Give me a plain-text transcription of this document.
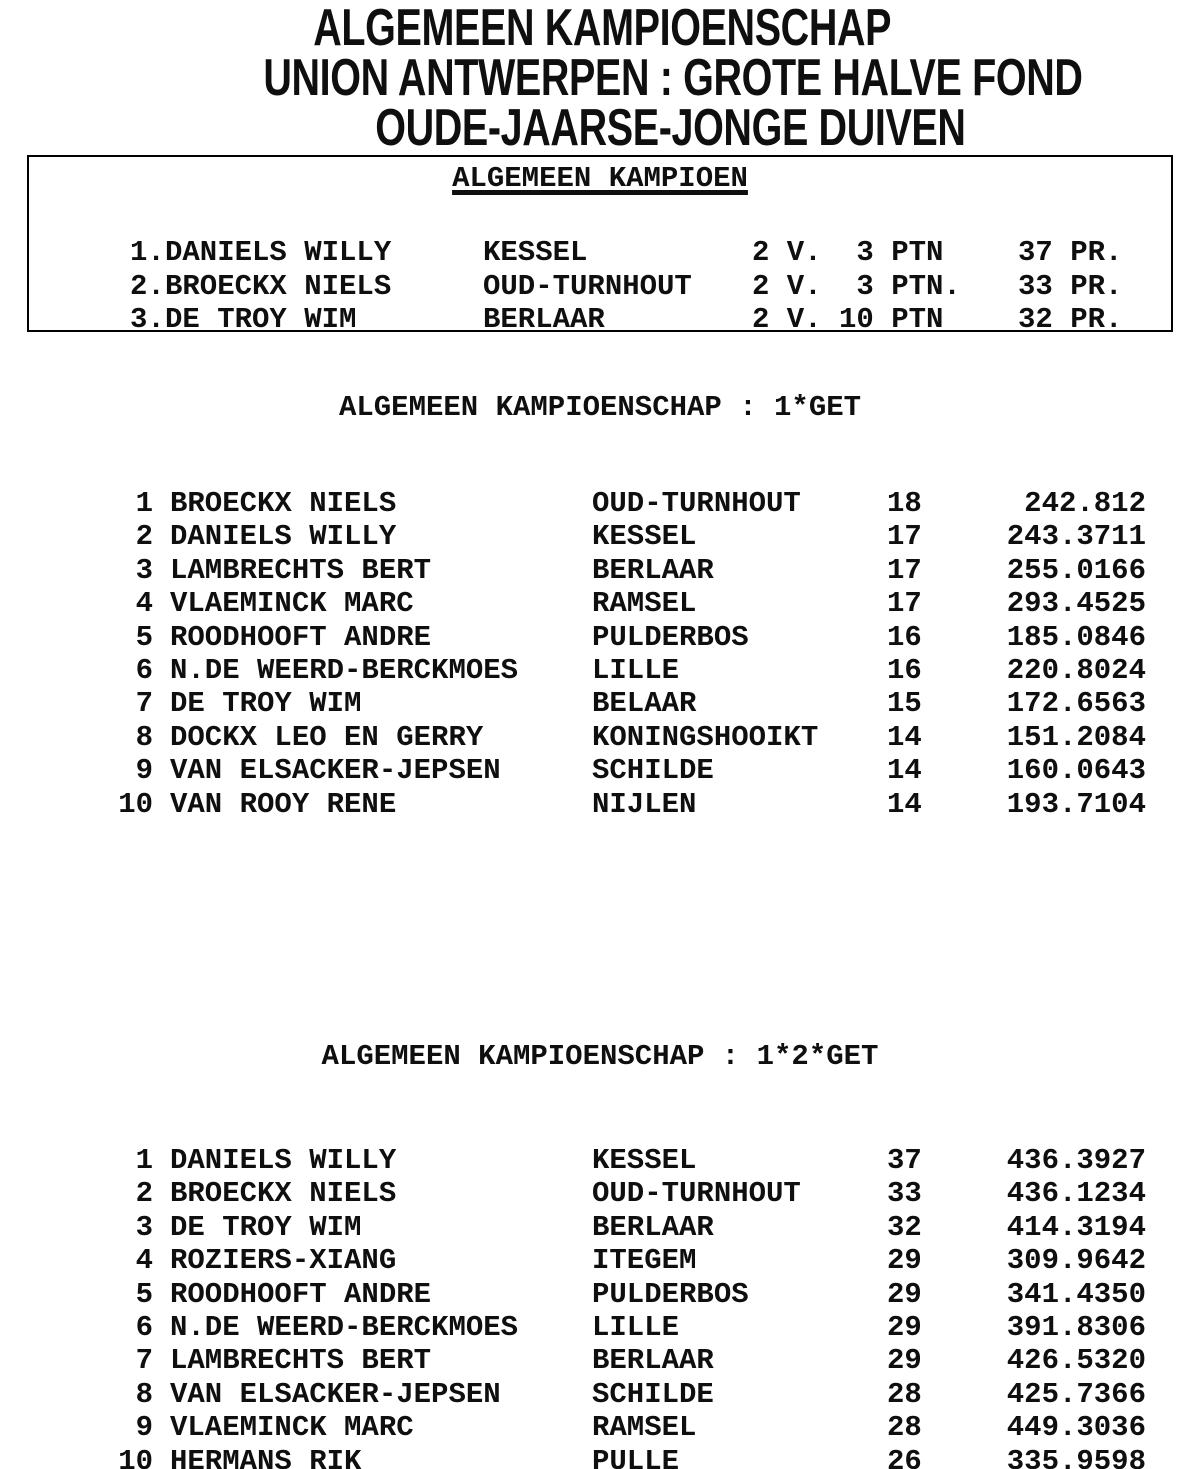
ALGEMEEN KAMPIOENSCHAP
UNION ANTWERPEN : GROTE HALVE FOND
OUDE-JAARSE-JONGE DUIVEN
ALGEMEEN KAMPIOEN
1. DANIELS WILLY	KESSEL	2 V.  3 PTN	37 PR.
2. BROECKX NIELS	OUD-TURNHOUT 2 V.  3 PTN. 33 PR.
3. DE TROY WIM	BERLAAR	2 V. 10 PTN	32 PR.
ALGEMEEN KAMPIOENSCHAP : 1*GET
1 BROECKX NIELS	OUD-TURNHOUT	18	242.812
2 DANIELS WILLY	KESSEL	17	243.3711
3 LAMBRECHTS BERT	BERLAAR	17	255.0166
4 VLAEMINCK MARC	RAMSEL	17	293.4525
5 ROODHOOFT ANDRE	PULDERBOS	16	185.0846
6 N.DE WEERD-BERCKMOES	LILLE	16	220.8024
7 DE TROY WIM	BELAAR	15	172.6563
8 DOCKX LEO EN GERRY	KONINGSHOOIKT 14	151.2084
9 VAN ELSACKER-JEPSEN	SCHILDE	14	160.0643
10 VAN ROOY RENE	NIJLEN	14	193.7104
ALGEMEEN KAMPIOENSCHAP : 1*2*GET
1 DANIELS WILLY	KESSEL	37	436.3927
2 BROECKX NIELS	OUD-TURNHOUT	33	436.1234
3 DE TROY WIM	BERLAAR	32	414.3194
4 ROZIERS-XIANG	ITEGEM	29	309.9642
5 ROODHOOFT ANDRE	PULDERBOS	29	341.4350
6 N.DE WEERD-BERCKMOES	LILLE	29	391.8306
7 LAMBRECHTS BERT	BERLAAR	29	426.5320
8 VAN ELSACKER-JEPSEN	SCHILDE	28	425.7366
9 VLAEMINCK MARC	RAMSEL	28	449.3036
10 HERMANS RIK	PULLE	26	335.9598
